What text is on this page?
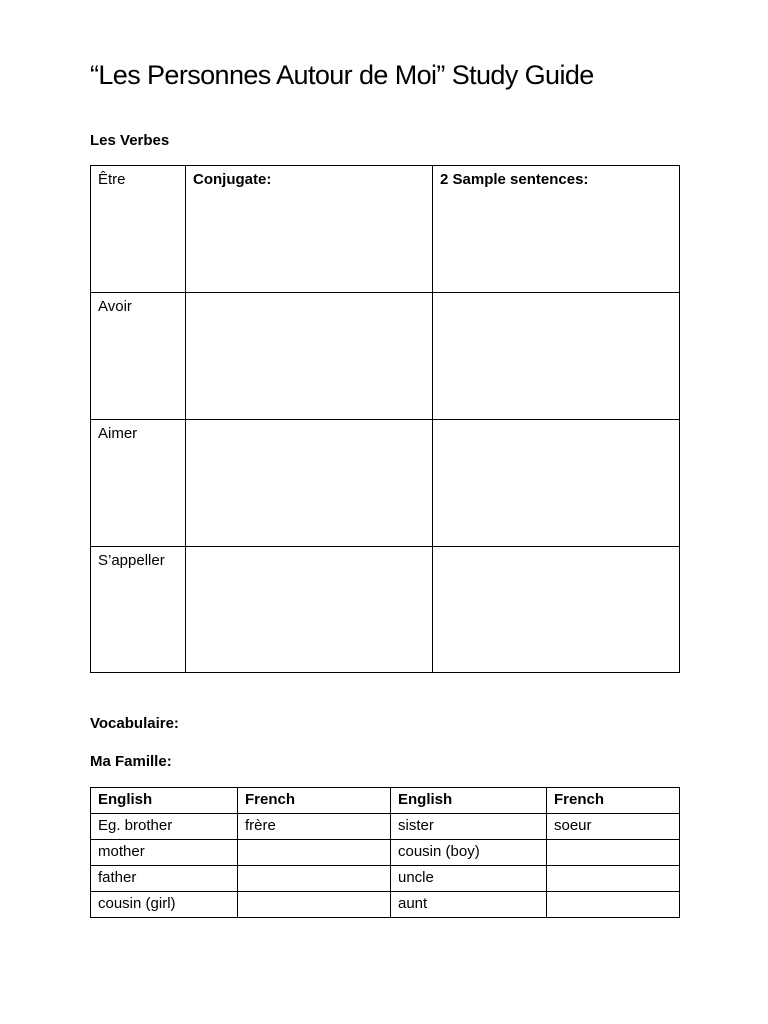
“Les Personnes Autour de Moi” Study Guide
Les Verbes
Être	Conjugate:	2 Sample sentences:
Avoir		
Aimer		
S’appeller		
Vocabulaire:
Ma Famille:
English	French	English	French
Eg. brother	frère	sister	soeur
mother		cousin (boy)	
father		uncle	
cousin (girl)		aunt	
